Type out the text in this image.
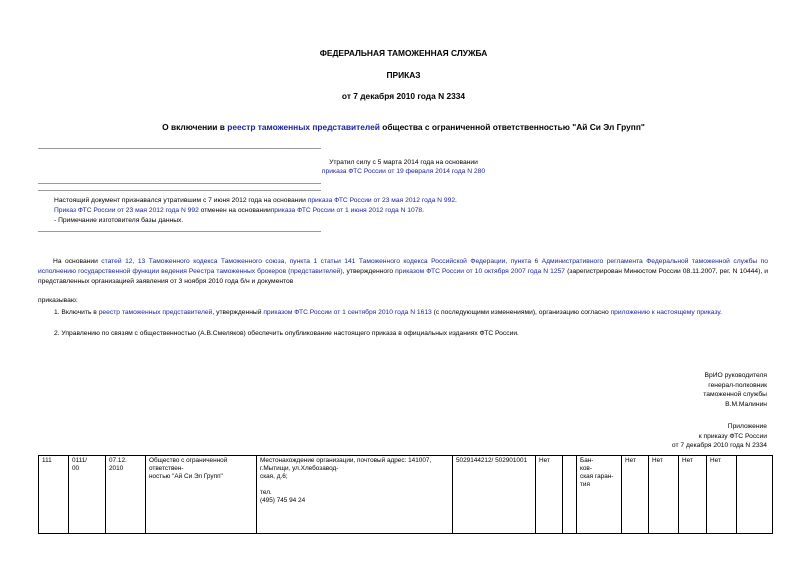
ФЕДЕРАЛЬНАЯ ТАМОЖЕННАЯ СЛУЖБА
ПРИКАЗ
от 7 декабря 2010 года N 2334
О включении в реестр таможенных представителей общества с ограниченной ответственностью "Ай Си Эл Групп"
Утратил силу с 5 марта 2014 года на основании
приказа ФТС России от 19 февраля 2014 года N 280
Настоящий документ признавался утратившим с 7 июня 2012 года на основании приказа ФТС России от 23 мая 2012 года N 992.
Приказ ФТС России от 23 мая 2012 года N 992 отменен на основанииприказа ФТС России от 1 июня 2012 года N 1078.
- Примечание изготовителя базы данных.
На основании статей 12, 13 Таможенного кодекса Таможенного союза, пункта 1 статьи 141 Таможенного кодекса Российской Федерации, пункта 6 Административного регламента Федеральной таможенной службы по исполнению государственной функции ведения Реестра таможенных брокеров (представителей), утвержденного приказом ФТС России от 10 октября 2007 года N 1257 (зарегистрирован Минюстом России 08.11.2007, рег. N 10444), и представленных организацией заявления от 3 ноября 2010 года б/н и документов
приказываю:
1. Включить в реестр таможенных представителей, утвержденный приказом ФТС России от 1 сентября 2010 года N 1613 (с последующими изменениями), организацию согласно приложению к настоящему приказу.
2. Управлению по связям с общественностью (А.В.Смеляков) обеспечить опубликование настоящего приказа в официальных изданиях ФТС России.
ВрИО руководителя
генерал-полковник
таможенной службы
В.М.Малинин
Приложение
к приказу ФТС России
от 7 декабря 2010 года N 2334
111	0111/
00	07.12.
2010	Общество с ограниченной
ответствен-
ностью "Ай Си Эл Групп"	Местонахождение организации, почтовый адрес: 141007,
г.Мытищи, ул.Хлебозавод-
ская, д.6;

тел.
(495) 745 94 24	5029144212/ 502901001	Нет		Бан-
ков-
ская гаран-
тия	Нет	Нет	Нет	Нет	
